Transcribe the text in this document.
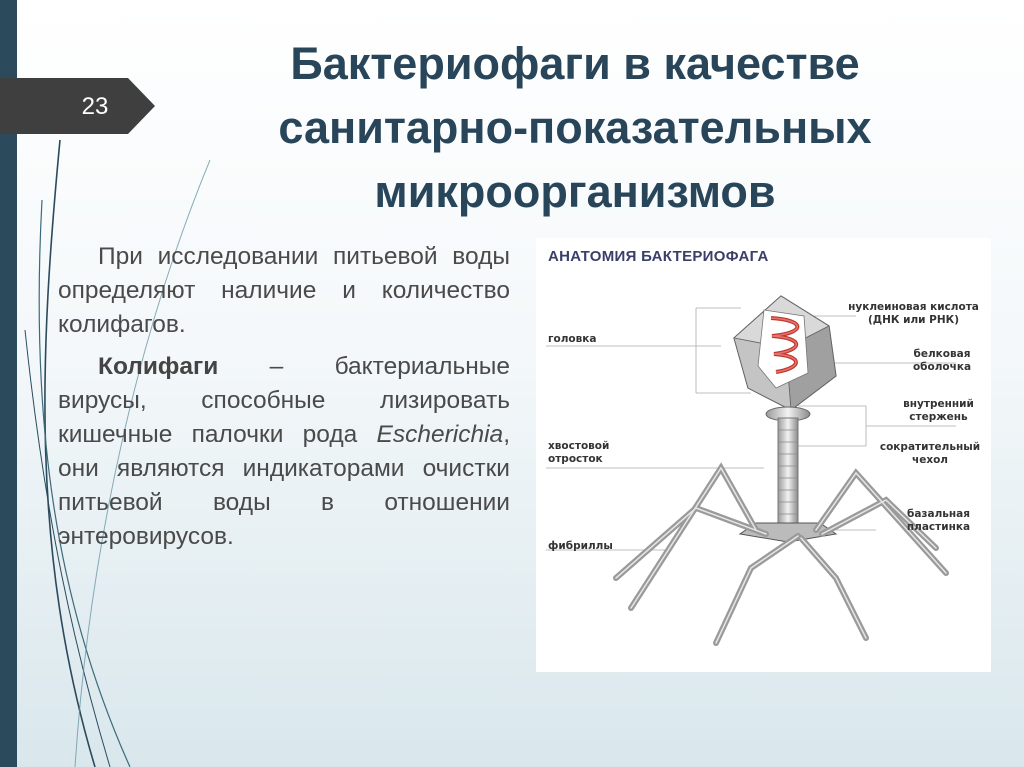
23
Бактериофаги в качестве санитарно-показательных микроорганизмов

При исследовании питьевой воды определяют наличие и количество колифагов.

Колифаги – бактериальные вирусы, способные лизировать кишечные палочки рода Escherichia, они являются индикаторами очистки питьевой воды в отношении энтеровирусов.

АНАТОМИЯ БАКТЕРИОФАГА
головка
хвостовой отросток
фибриллы
нуклеиновая кислота (ДНК или РНК)
белковая оболочка
внутренний стержень
сократительный чехол
базальная пластинка
